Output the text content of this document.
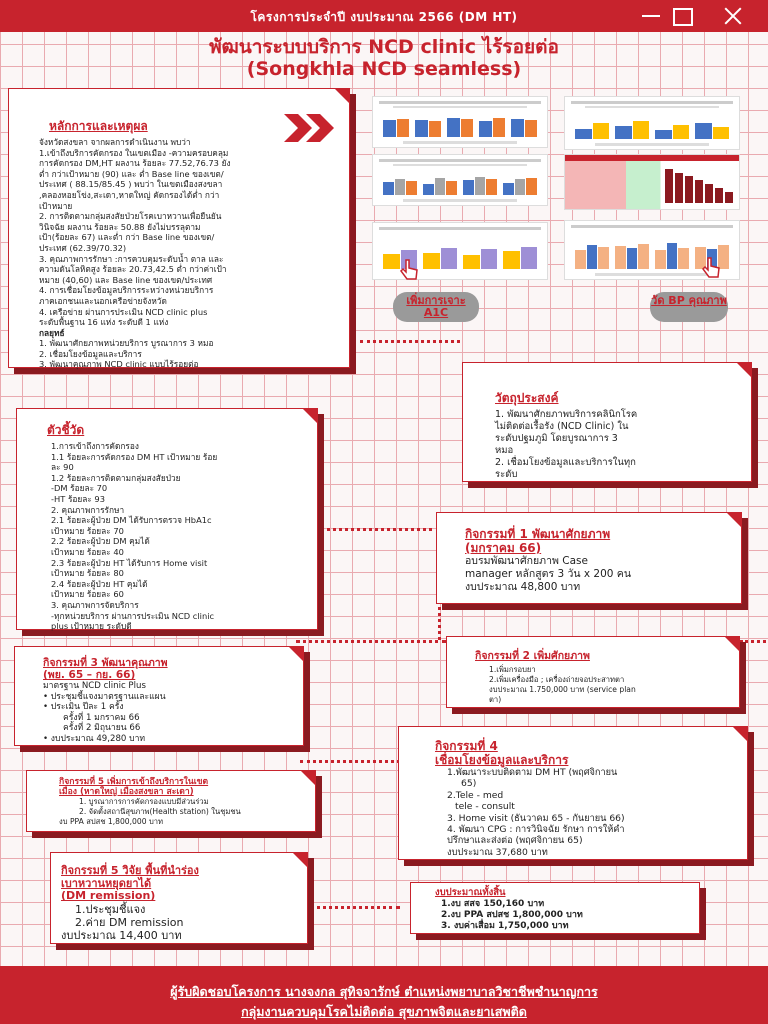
โครงการประจำปี งบประมาณ 2566 (DM HT)
พัฒนาระบบบริการ NCD clinic ไร้รอยต่อ
(Songkhla NCD seamless)
หลักการและเหตุผล

จังหวัดสงขลา จากผลการดำเนินงาน พบว่า

1.เข้าถึงบริการคัดกรอง ในเขตเมือง -ความครอบคลุม

การคัดกรอง DM,HT ผลงาน ร้อยละ 77.52,76.73 ยัง

ต่ำ กว่าเป้าหมาย (90) และ ต่ำ Base line ของเขต/

ประเทศ ( 88.15/85.45 ) พบว่า ในเขตเมืองสงขลา

,คลองหอยโข่ง,สะเดา,หาดใหญ่ คัดกรองได้ต่ำ กว่า

เป้าหมาย

2. การติดตามกลุ่มสงสัยป่วยโรคเบาหวานเพื่อยืนยัน

วินิจฉัย ผลงาน ร้อยละ 50.88 ยังไม่บรรลุตาม

เป้า(ร้อยละ 67) และต่ำ กว่า Base line ของเขต/

ประเทศ (62.39/70.32)

3. คุณภาพการรักษา :การควบคุมระดับน้ำ ตาล และ

ความดันโลหิตสูง ร้อยละ 20.73,42.5 ต่ำ กว่าค่าเป้า

หมาย (40,60) และ Base line ของเขต/ประเทศ

4. การเชื่อมโยงข้อมูลบริการระหว่างหน่วยบริการ

ภาคเอกชนและนอกเครือข่ายจังหวัด

4. เครือข่าย ผ่านการประเมิน NCD clinic plus

ระดับพื้นฐาน 16 แห่ง ระดับดี 1 แห่ง

กลยุทธ์

1. พัฒนาศักยภาพหน่วยบริการ บูรณาการ 3 หมอ

2. เชื่อมโยงข้อมูลและบริการ

3. พัฒนาคุณภาพ NCD clinic แบบไร้รอยต่อ

เพิ่มการเจาะ A1C
วัด BP คุณภาพ
วัตถุประสงค์

1. พัฒนาศักยภาพบริการคลินิกโรค

ไม่ติดต่อเรื้อรัง (NCD Clinic) ใน

ระดับปฐมภูมิ โดยบูรณาการ 3

หมอ

2. เชื่อมโยงข้อมูลและบริการในทุก

ระดับ

ตัวชี้วัด

1.การเข้าถึงการคัดกรอง

1.1 ร้อยละการคัดกรอง DM HT เป้าหมาย ร้อย

ละ 90

1.2 ร้อยละการติดตามกลุ่มสงสัยป่วย

-DM ร้อยละ 70

-HT ร้อยละ 93

2. คุณภาพการรักษา

2.1 ร้อยละผู้ป่วย DM ได้รับการตรวจ HbA1c

เป้าหมาย ร้อยละ 70

2.2 ร้อยละผู้ป่วย DM คุมได้

เป้าหมาย ร้อยละ 40

2.3 ร้อยละผู้ป่วย HT ได้รับการ Home visit

เป้าหมาย ร้อยละ 80

2.4 ร้อยละผู้ป่วย HT คุมได้

เป้าหมาย ร้อยละ 60

3. คุณภาพการจัดบริการ

-ทุกหน่วยบริการ ผ่านการประเมิน NCD clinic

plus เป้าหมาย ระดับดี

กิจกรรมที่ 1 พัฒนาศักยภาพ
(มกราคม 66)

อบรมพัฒนาศักยภาพ Case

manager หลักสูตร 3 วัน x 200 คน

งบประมาณ 48,800 บาท

กิจกรรมที่ 2 เพิ่มศักยภาพ

1.เพิ่มกรอบยา

2.เพิ่มเครื่องมือ ; เครื่องถ่ายจอประสาทตา

งบประมาณ 1.750,000 บาท (service plan

ตา)

กิจกรรมที่ 3 พัฒนาคุณภาพ
(พย. 65 – กย. 66)

มาตรฐาน NCD clinic Plus

• ประชุมชี้แจงมาตรฐานและแผน

• ประเมิน ปีละ 1 ครั้ง

ครั้งที่ 1 มกราคม 66

ครั้งที่ 2 มิถุนายน 66

• งบประมาณ 49,280 บาท

กิจกรรมที่ 4
เชื่อมโยงข้อมูลและบริการ

1.พัฒนาระบบติดตาม DM HT (พฤศจิกายน

65)

2.Tele - med

tele - consult

3. Home visit (ธันวาคม 65 - กันยายน 66)

4. พัฒนา CPG : การวินิจฉัย รักษา การให้คำ

ปรึกษาและส่งต่อ (พฤศจิกายน 65)

งบประมาณ 37,680 บาท

กิจกรรมที่ 5 เพิ่มการเข้าถึงบริการในเขต
เมือง (หาดใหญ่ เมืองสงขลา สะเดา)

1. บูรณาการการคัดกรองแบบมีส่วนร่วม

2. จัดตั้งสถานีสุขภาพ(Health station) ในชุมชน

งบ PPA สปสช 1,800,000 บาท

กิจกรรมที่ 5 วิจัย พื้นที่นำร่อง
เบาหวานหยุดยาได้
(DM remission)

1.ประชุมชี้แจง

2.ค่าย DM remission

งบประมาณ 14,400 บาท

งบประมาณทั้งสิ้น

1.งบ สสจ 150,160 บาท

2.งบ PPA สปสช 1,800,000 บาท

3. งบค่าเสื่อม 1,750,000 บาท

ผู้รับผิดชอบโครงการ นางจงกล สุทิจจารักษ์ ตำแหน่งพยาบาลวิชาชีพชำนาญการ
กลุ่มงานควบคุมโรคไม่ติดต่อ สุขภาพจิตและยาเสพติด
